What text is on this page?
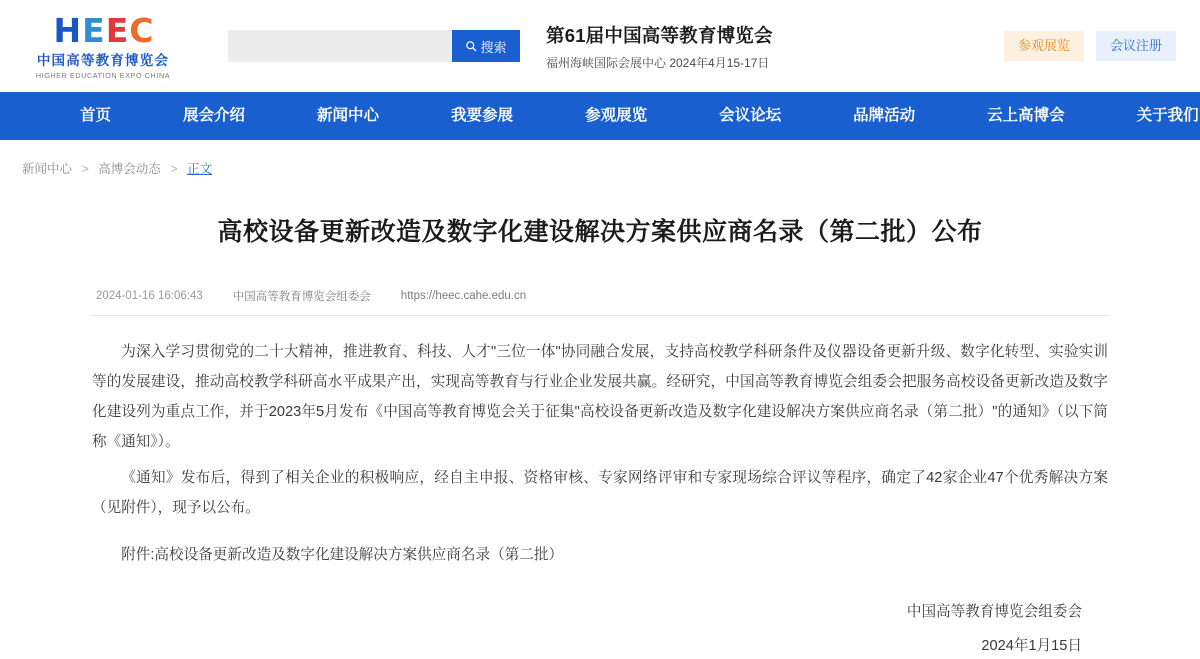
H E E C
中国高等教育博览会
HIGHER EDUCATION EXPO CHINA
搜索
第61届中国高等教育博览会
福州海峡国际会展中心 2024年4月15-17日
参观展览	会议注册
首页	展会介绍	新闻中心	我要参展	参观展览	会议论坛	品牌活动	云上高博会	关于我们
新闻中心 > 高博会动态 > 正文
高校设备更新改造及数字化建设解决方案供应商名录（第二批）公布
2024-01-16 16:06:43	中国高等教育博览会组委会	https://heec.cahe.edu.cn

为深入学习贯彻党的二十大精神，推进教育、科技、人才"三位一体"协同融合发展，支持高校教学科研条件及仪器设备更新升级、数字化转型、实验实训等的发展建设，推动高校教学科研高水平成果产出，实现高等教育与行业企业发展共赢。经研究，中国高等教育博览会组委会把服务高校设备更新改造及数字化建设列为重点工作，并于2023年5月发布《中国高等教育博览会关于征集"高校设备更新改造及数字化建设解决方案供应商名录（第二批）"的通知》（以下简称《通知》）。

《通知》发布后，得到了相关企业的积极响应，经自主申报、资格审核、专家网络评审和专家现场综合评议等程序，确定了42家企业47个优秀解决方案（见附件），现予以公布。

附件:高校设备更新改造及数字化建设解决方案供应商名录（第二批）
中国高等教育博览会组委会
2024年1月15日
